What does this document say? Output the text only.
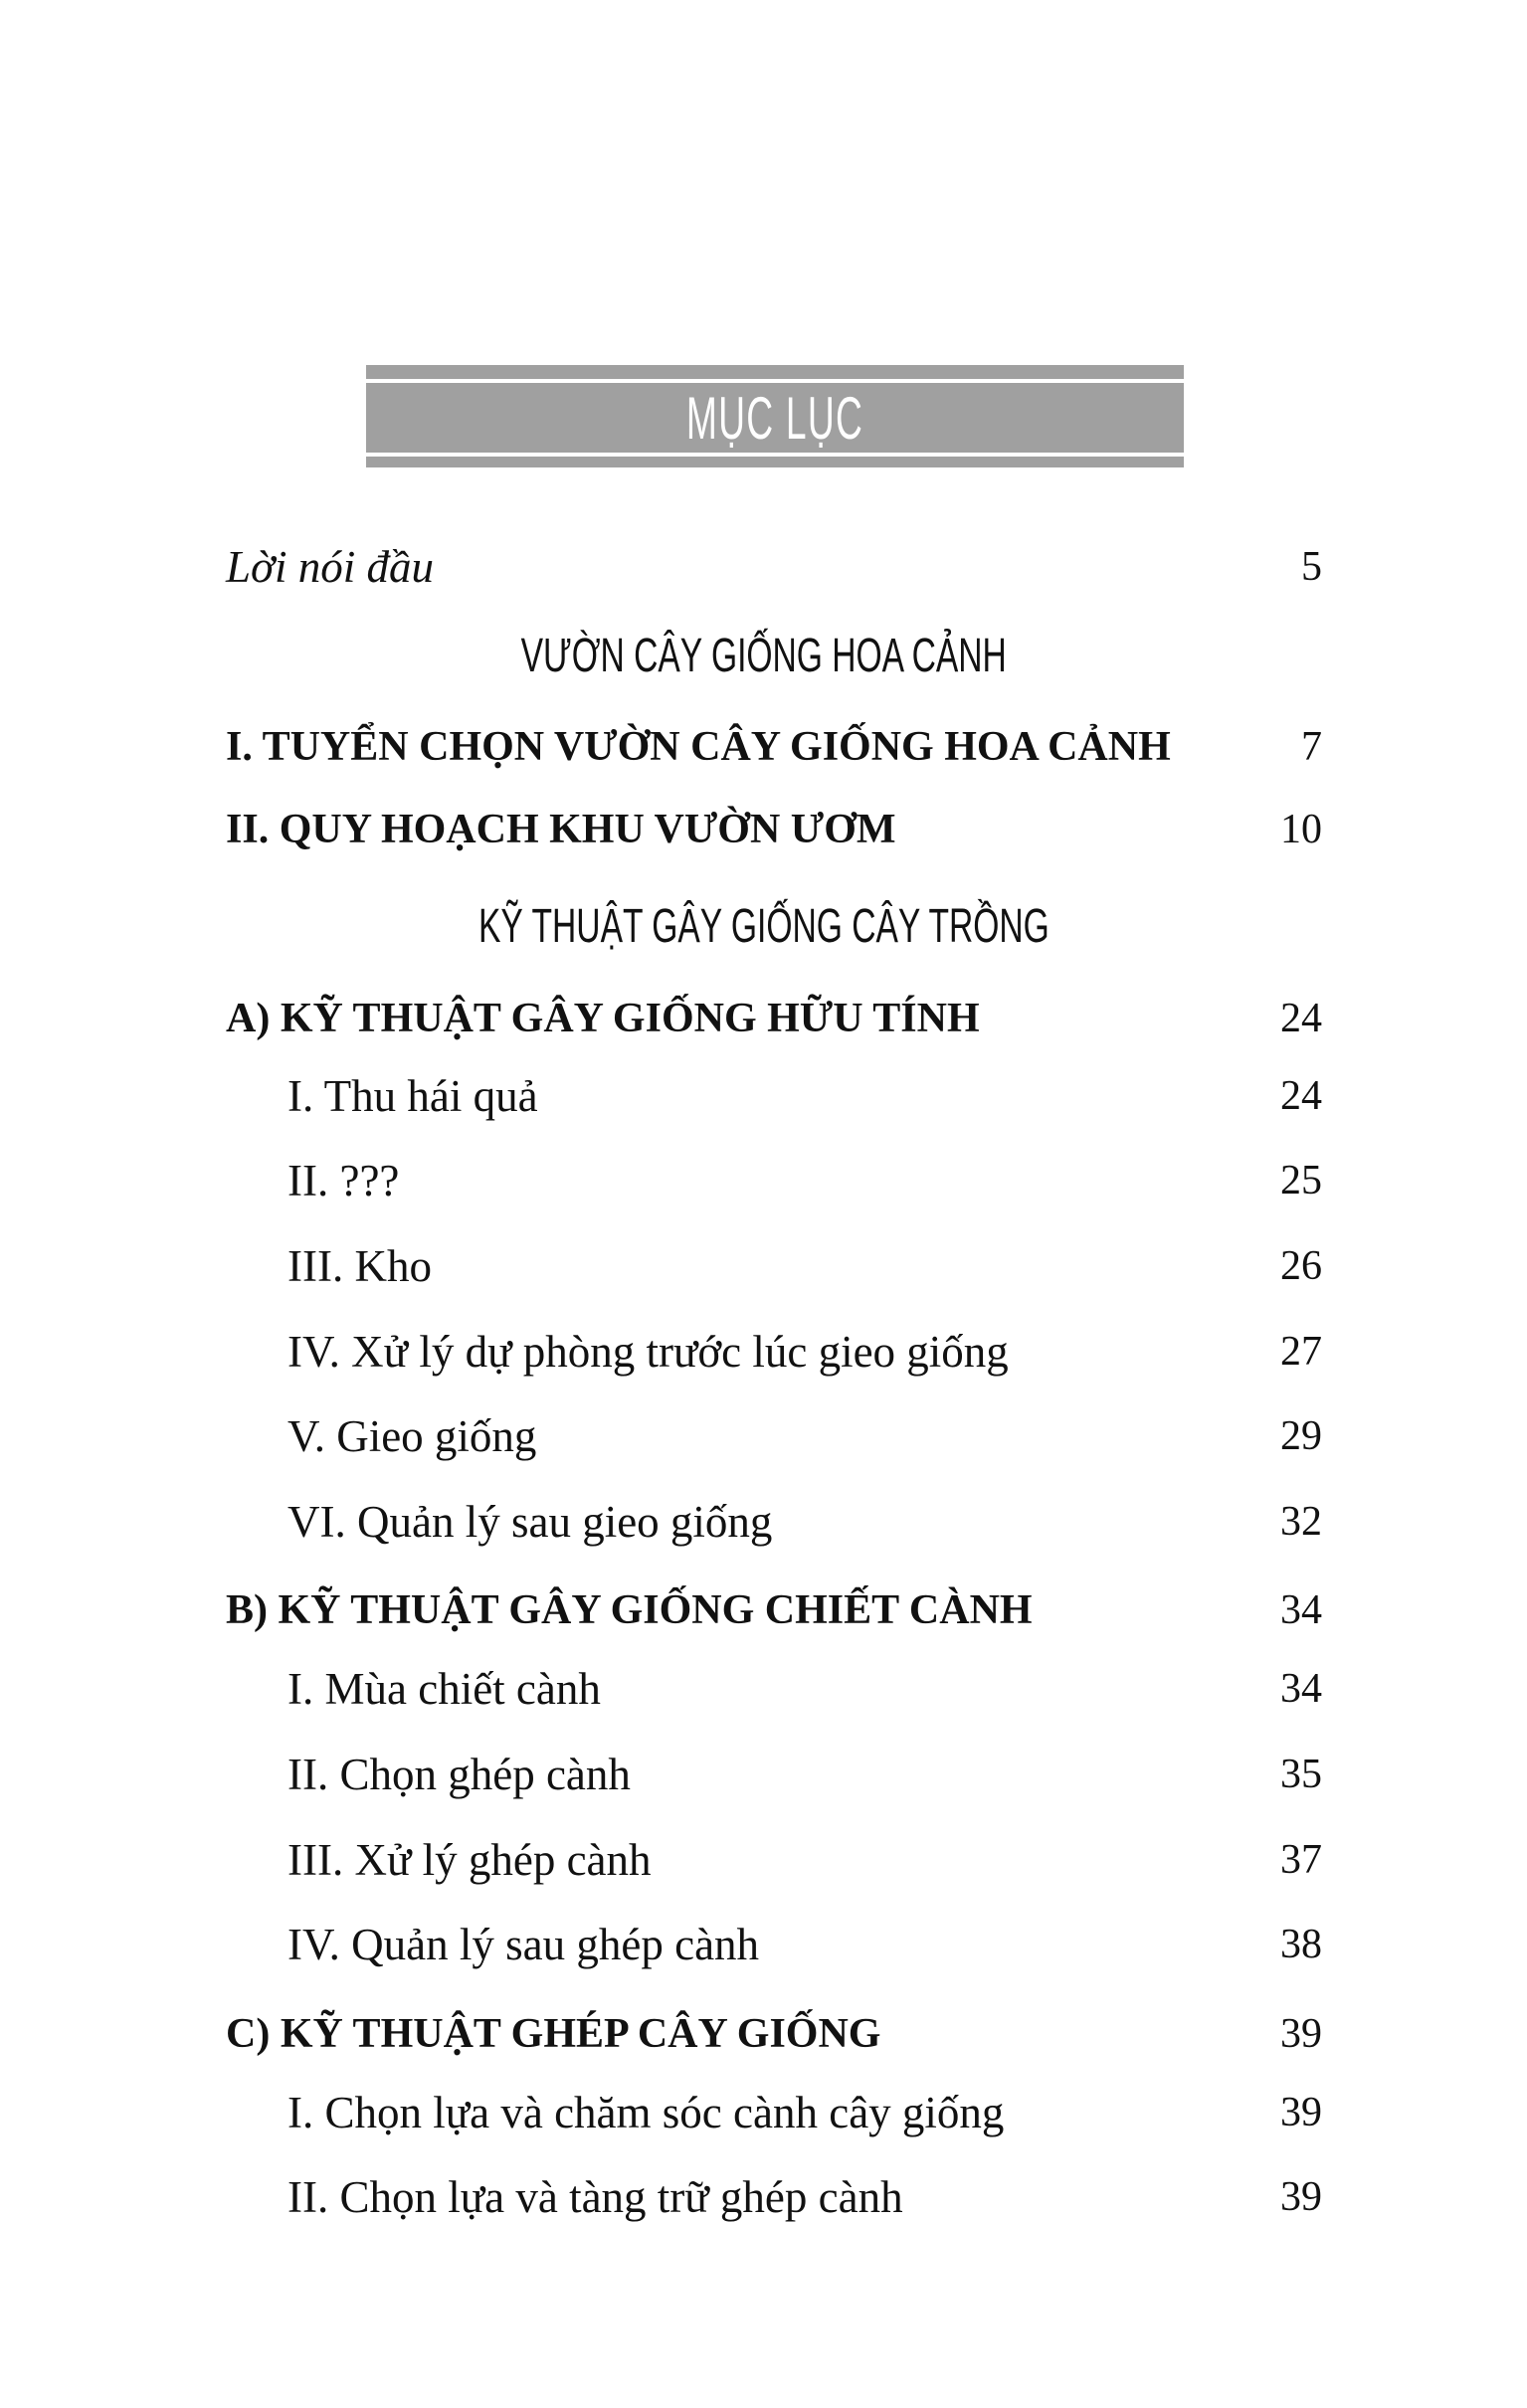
MỤC LỤC
Lời nói đầu	5
VƯỜN CÂY GIỐNG HOA CẢNH
I. TUYỂN CHỌN VƯỜN CÂY GIỐNG HOA CẢNH	7
II. QUY HOẠCH KHU VƯỜN ƯƠM	10
KỸ THUẬT GÂY GIỐNG CÂY TRỒNG
A) KỸ THUẬT GÂY GIỐNG HỮU TÍNH	24
I. Thu hái quả	24
II. ???	25
III. Kho	26
IV. Xử lý dự phòng trước lúc gieo giống	27
V. Gieo giống	29
VI. Quản lý sau gieo giống	32
B) KỸ THUẬT GÂY GIỐNG CHIẾT CÀNH	34
I. Mùa chiết cành	34
II. Chọn ghép cành	35
III. Xử lý ghép cành	37
IV. Quản lý sau ghép cành	38
C) KỸ THUẬT GHÉP CÂY GIỐNG	39
I. Chọn lựa và chăm sóc cành cây giống	39
II. Chọn lựa và tàng trữ ghép cành	39
